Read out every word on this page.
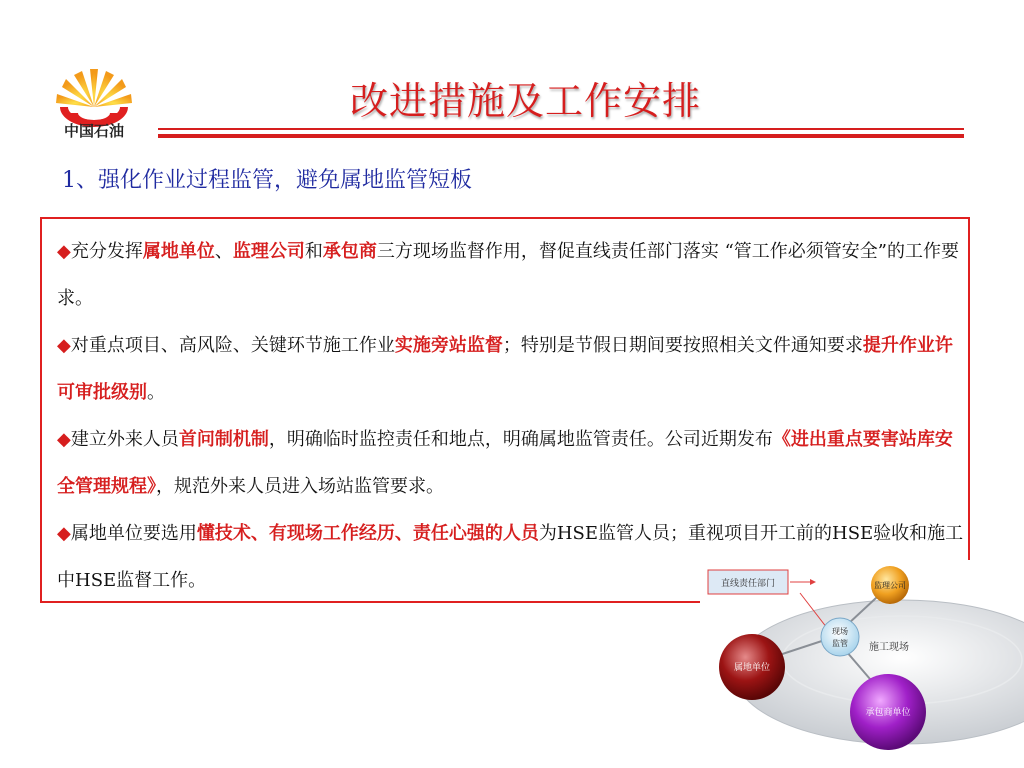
中国石油
改进措施及工作安排
1、强化作业过程监管，避免属地监管短板
◆充分发挥属地单位、监理公司和承包商三方现场监督作用，督促直线责任部门落实 “管工作必须管安全”的工作要求。
◆对重点项目、高风险、关键环节施工作业实施旁站监督；特别是节假日期间要按照相关文件通知要求提升作业许可审批级别。
◆建立外来人员首问制机制，明确临时监控责任和地点，明确属地监管责任。公司近期发布《进出重点要害站库安全管理规程》，规范外来人员进入场站监管要求。
◆属地单位要选用懂技术、有现场工作经历、责任心强的人员为HSE监管人员；重视项目开工前的HSE验收和施工中HSE监督工作。	直线责任部门	监理公司
现场
监管 施工现场
属地单位
承包商单位
